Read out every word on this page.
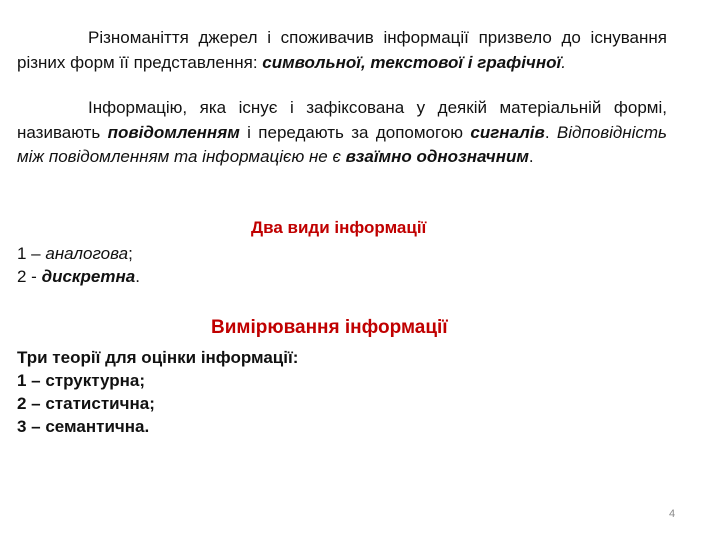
Різноманіття джерел і споживачив інформації призвело до існування різних форм її представлення: символьної, текстової і графічної.

Інформацію, яка існує і зафіксована у деякій матеріальній формі, називають повідомленням і передають за допомогою сигналів. Відповідність між повідомленням та інформацією не є взаїмно однозначним.

Два види інформації
1 – аналогова;
2 - дискретна.
Вимірювання інформації
Три теорії для оцінки інформації:
1 – структурна;
2 – статистична;
3 – семантична.
4
